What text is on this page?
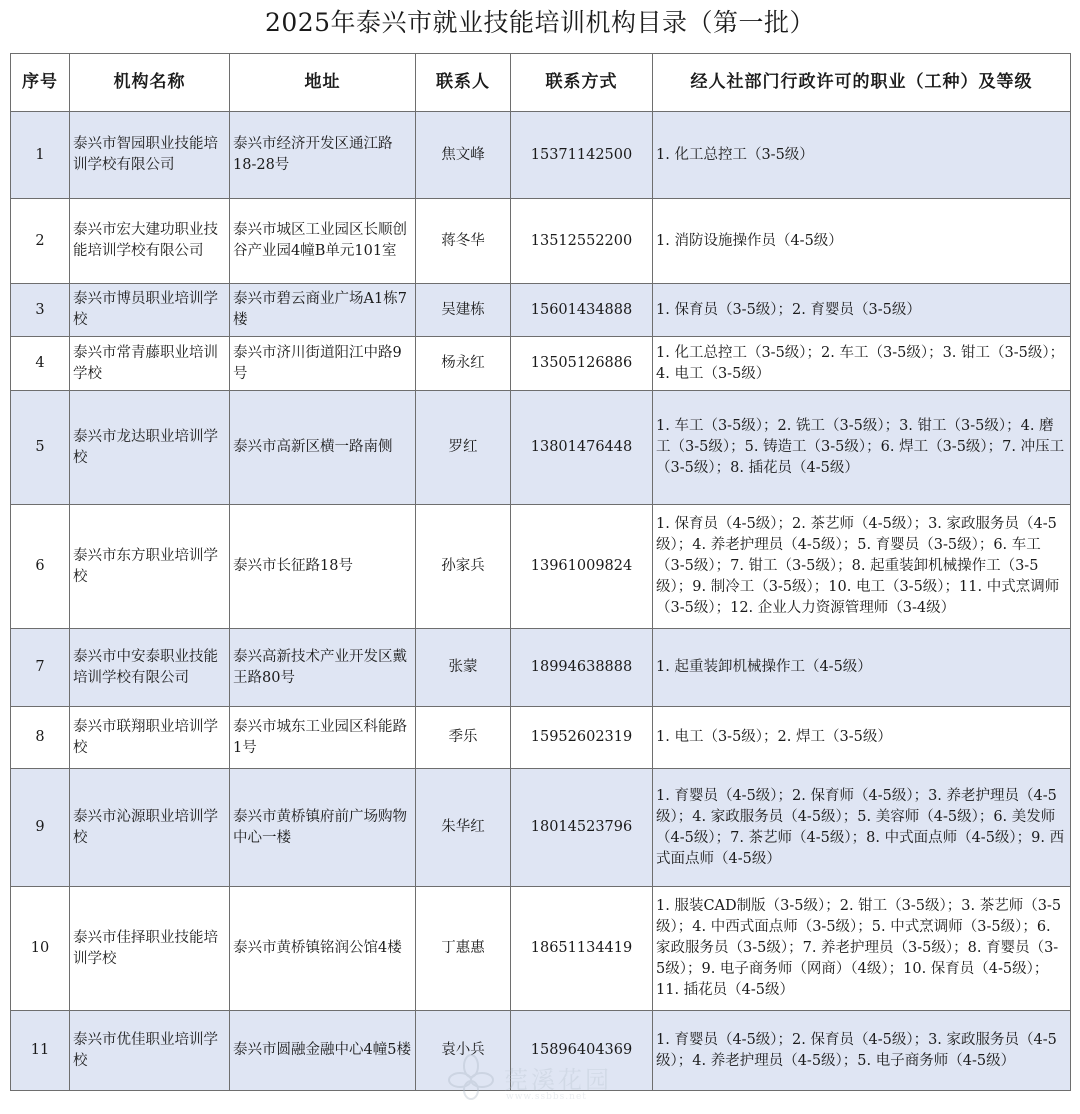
2025年泰兴市就业技能培训机构目录（第一批）
序号	机构名称	地址	联系人	联系方式	经人社部门行政许可的职业（工种）及等级
1	泰兴市智园职业技能培训学校有限公司	泰兴市经济开发区通江路18-28号	焦文峰	15371142500	1. 化工总控工（3-5级）
2	泰兴市宏大建功职业技能培训学校有限公司	泰兴市城区工业园区长顺创谷产业园4幢B单元101室	蒋冬华	13512552200	1. 消防设施操作员（4-5级）
3	泰兴市博员职业培训学校	泰兴市碧云商业广场A1栋7楼	吴建栋	15601434888	1. 保育员（3-5级）；2. 育婴员（3-5级）
4	泰兴市常青藤职业培训学校	泰兴市济川街道阳江中路9号	杨永红	13505126886	1. 化工总控工（3-5级）；2. 车工（3-5级）；3. 钳工（3-5级）；4. 电工（3-5级）
5	泰兴市龙达职业培训学校	泰兴市高新区横一路南侧	罗红	13801476448	1. 车工（3-5级）；2. 铣工（3-5级）；3. 钳工（3-5级）；4. 磨工（3-5级）；5. 铸造工（3-5级）；6. 焊工（3-5级）；7. 冲压工（3-5级）；8. 插花员（4-5级）
6	泰兴市东方职业培训学校	泰兴市长征路18号	孙家兵	13961009824	1. 保育员（4-5级）；2. 茶艺师（4-5级）；3. 家政服务员（4-5级）；4. 养老护理员（4-5级）；5. 育婴员（3-5级）；6. 车工（3-5级）；7. 钳工（3-5级）；8. 起重装卸机械操作工（3-5级）；9. 制冷工（3-5级）；10. 电工（3-5级）；11. 中式烹调师（3-5级）；12. 企业人力资源管理师（3-4级）
7	泰兴市中安泰职业技能培训学校有限公司	泰兴高新技术产业开发区戴王路80号	张蒙	18994638888	1. 起重装卸机械操作工（4-5级）
8	泰兴市联翔职业培训学校	泰兴市城东工业园区科能路1号	季乐	15952602319	1. 电工（3-5级）；2. 焊工（3-5级）
9	泰兴市沁源职业培训学校	泰兴市黄桥镇府前广场购物中心一楼	朱华红	18014523796	1. 育婴员（4-5级）；2. 保育师（4-5级）；3. 养老护理员（4-5级）；4. 家政服务员（4-5级）；5. 美容师（4-5级）；6. 美发师（4-5级）；7. 茶艺师（4-5级）；8. 中式面点师（4-5级）；9. 西式面点师（4-5级）
10	泰兴市佳择职业技能培训学校	泰兴市黄桥镇铭润公馆4楼	丁惠惠	18651134419	1. 服装CAD制版（3-5级）；2. 钳工（3-5级）；3. 茶艺师（3-5级）；4. 中西式面点师（3-5级）；5. 中式烹调师（3-5级）；6. 家政服务员（3-5级）；7. 养老护理员（3-5级）；8. 育婴员（3-5级）；9. 电子商务师（网商）（4级）；10. 保育员（4-5级）；11. 插花员（4-5级）
11	泰兴市优佳职业培训学校	泰兴市圆融金融中心4幢5楼	袁小兵	15896404369	1. 育婴员（4-5级）；2. 保育员（4-5级）；3. 家政服务员（4-5级）；4. 养老护理员（4-5级）；5. 电子商务师（4-5级）
莞溪花园
www.ssbbs.net
